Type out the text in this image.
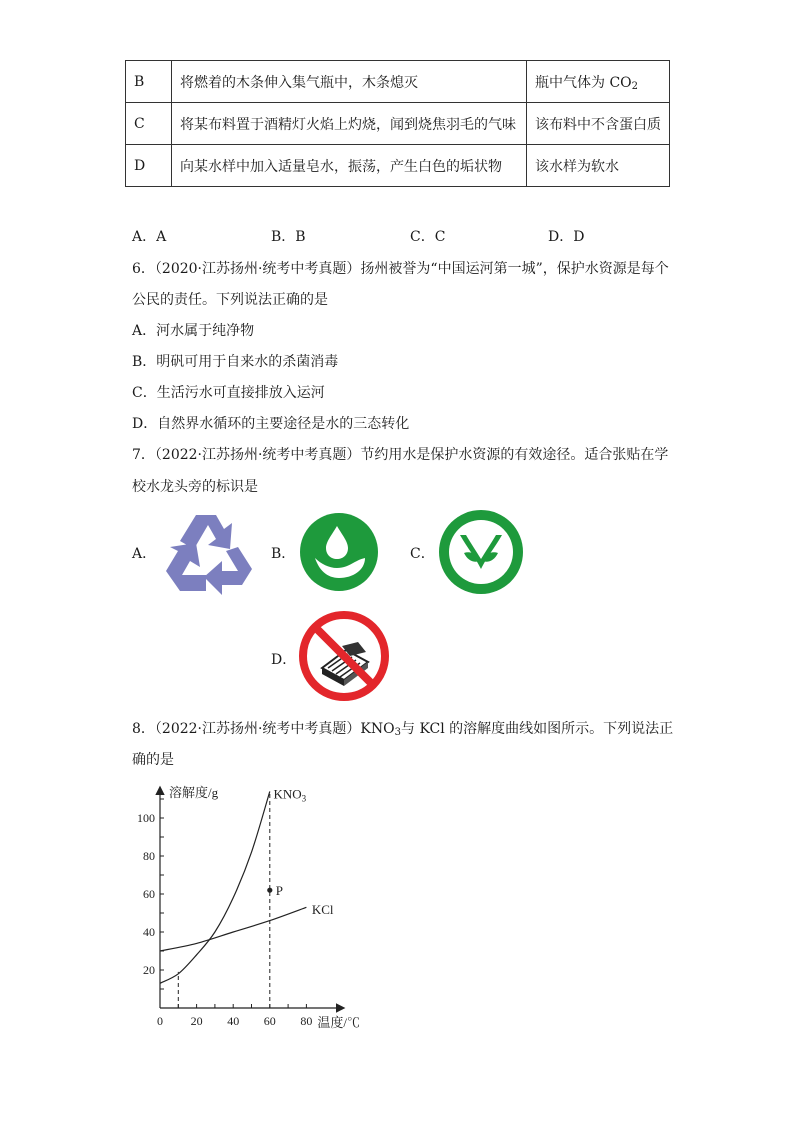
B	将燃着的木条伸入集气瓶中，木条熄灭	瓶中气体为 $CO_2$
C	将某布料置于酒精灯火焰上灼烧，闻到烧焦羽毛的气味	该布料中不含蛋白质
D	向某水样中加入适量皂水，振荡，产生白色的垢状物	该水样为软水
A．A	B．B	C．C	D．D
6．（2020·江苏扬州·统考中考真题）扬州被誉为“中国运河第一城”，保护水资源是每个
公民的责任。下列说法正确的是
A．河水属于纯净物
B．明矾可用于自来水的杀菌消毒
C．生活污水可直接排放入运河
D．自然界水循环的主要途径是水的三态转化
7．（2022·江苏扬州·统考中考真题）节约用水是保护水资源的有效途径。适合张贴在学
校水龙头旁的标识是
A．	B．	C．
D．
8．（2022·江苏扬州·统考中考真题）$KNO_3$与 KCl 的溶解度曲线如图所示。下列说法正
确的是
20
40
60
80
100
0 20 40 60 80
$KNO_3$
KCl
P
溶解度/g
温度/℃
